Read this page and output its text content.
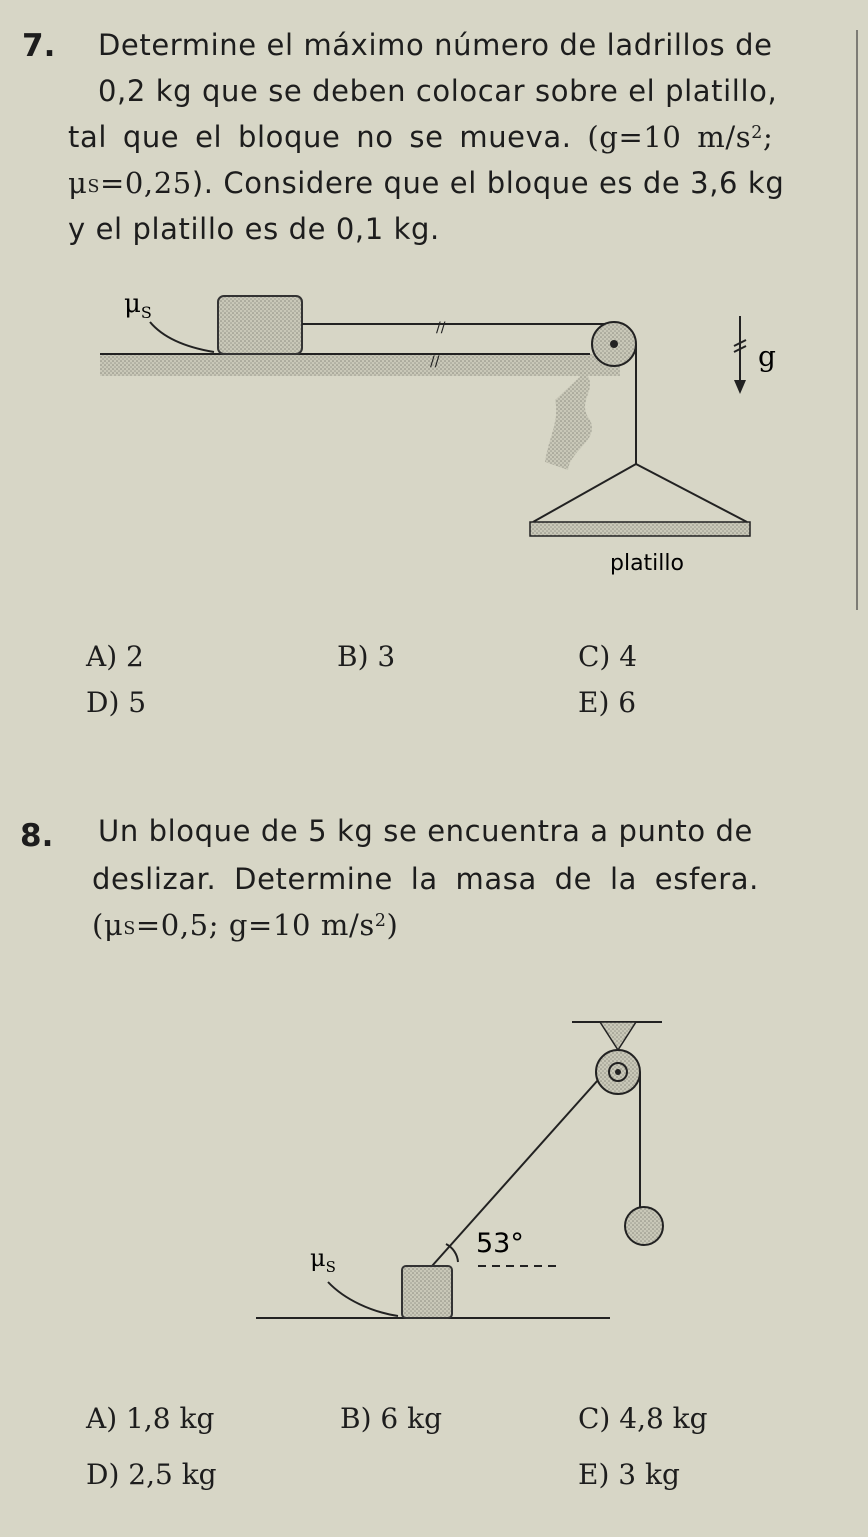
7. Determine el máximo número de ladrillos de
0,2 kg que se deben colocar sobre el platillo,
tal que el bloque no se mueva. (g=10 $m/s^2$;
$\mu_S=0,25$). Considere que el bloque es de 3,6 kg
y el platillo es de 0,1 kg.
//
//
$\mu_S$
g
platillo
A) 2	B) 3	C) 4
D) 5	E) 6
8. Un bloque de 5 kg se encuentra a punto de
deslizar. Determine la masa de la esfera.
($\mu_S=0,5$; g=10 $m/s^2$)
53°
$\mu_S$
A) 1,8 kg	B) 6 kg	C) 4,8 kg
D) 2,5 kg	E) 3 kg
